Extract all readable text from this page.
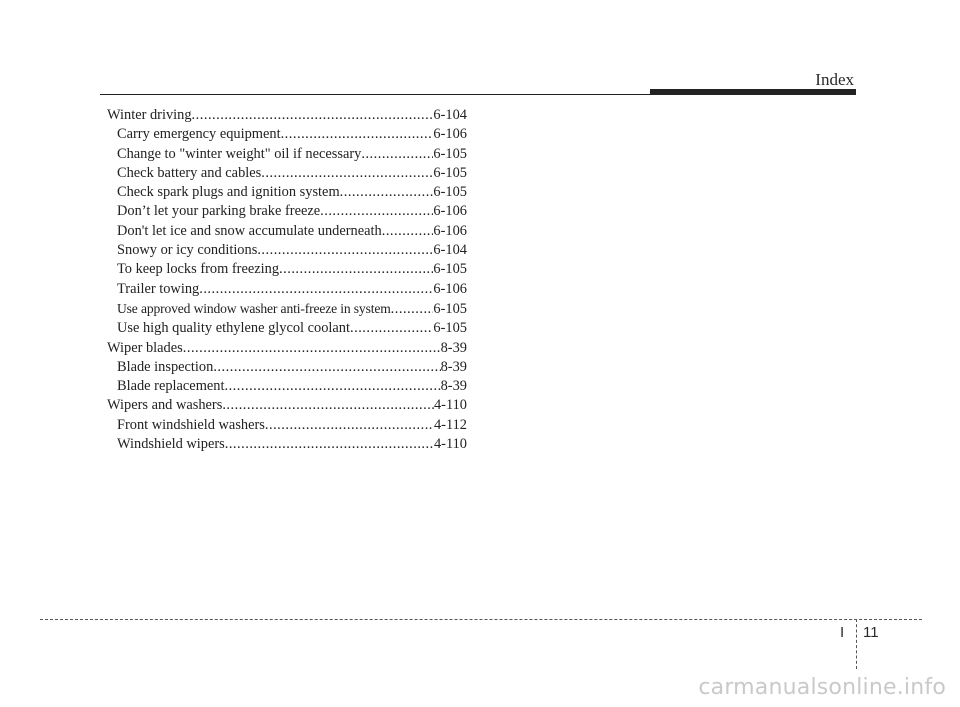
Index
Winter driving .....	6-104
Carry emergency equipment .....	6-106
Change to "winter weight" oil if necessary .....	6-105
Check battery and cables .....	6-105
Check spark plugs and ignition system .....	6-105
Don’t let your parking brake freeze .....	6-106
Don't let ice and snow accumulate underneath .....	6-106
Snowy or icy conditions .....	6-104
To keep locks from freezing .....	6-105
Trailer towing .....	6-106
Use approved window washer anti-freeze in system .....	6-105
Use high quality ethylene glycol coolant .....	6-105
Wiper blades .....	8-39
Blade inspection .....	8-39
Blade replacement .....	8-39
Wipers and washers .....	4-110
Front windshield washers .....	4-112
Windshield wipers .....	4-110
I 11
carmanualsonline.info
